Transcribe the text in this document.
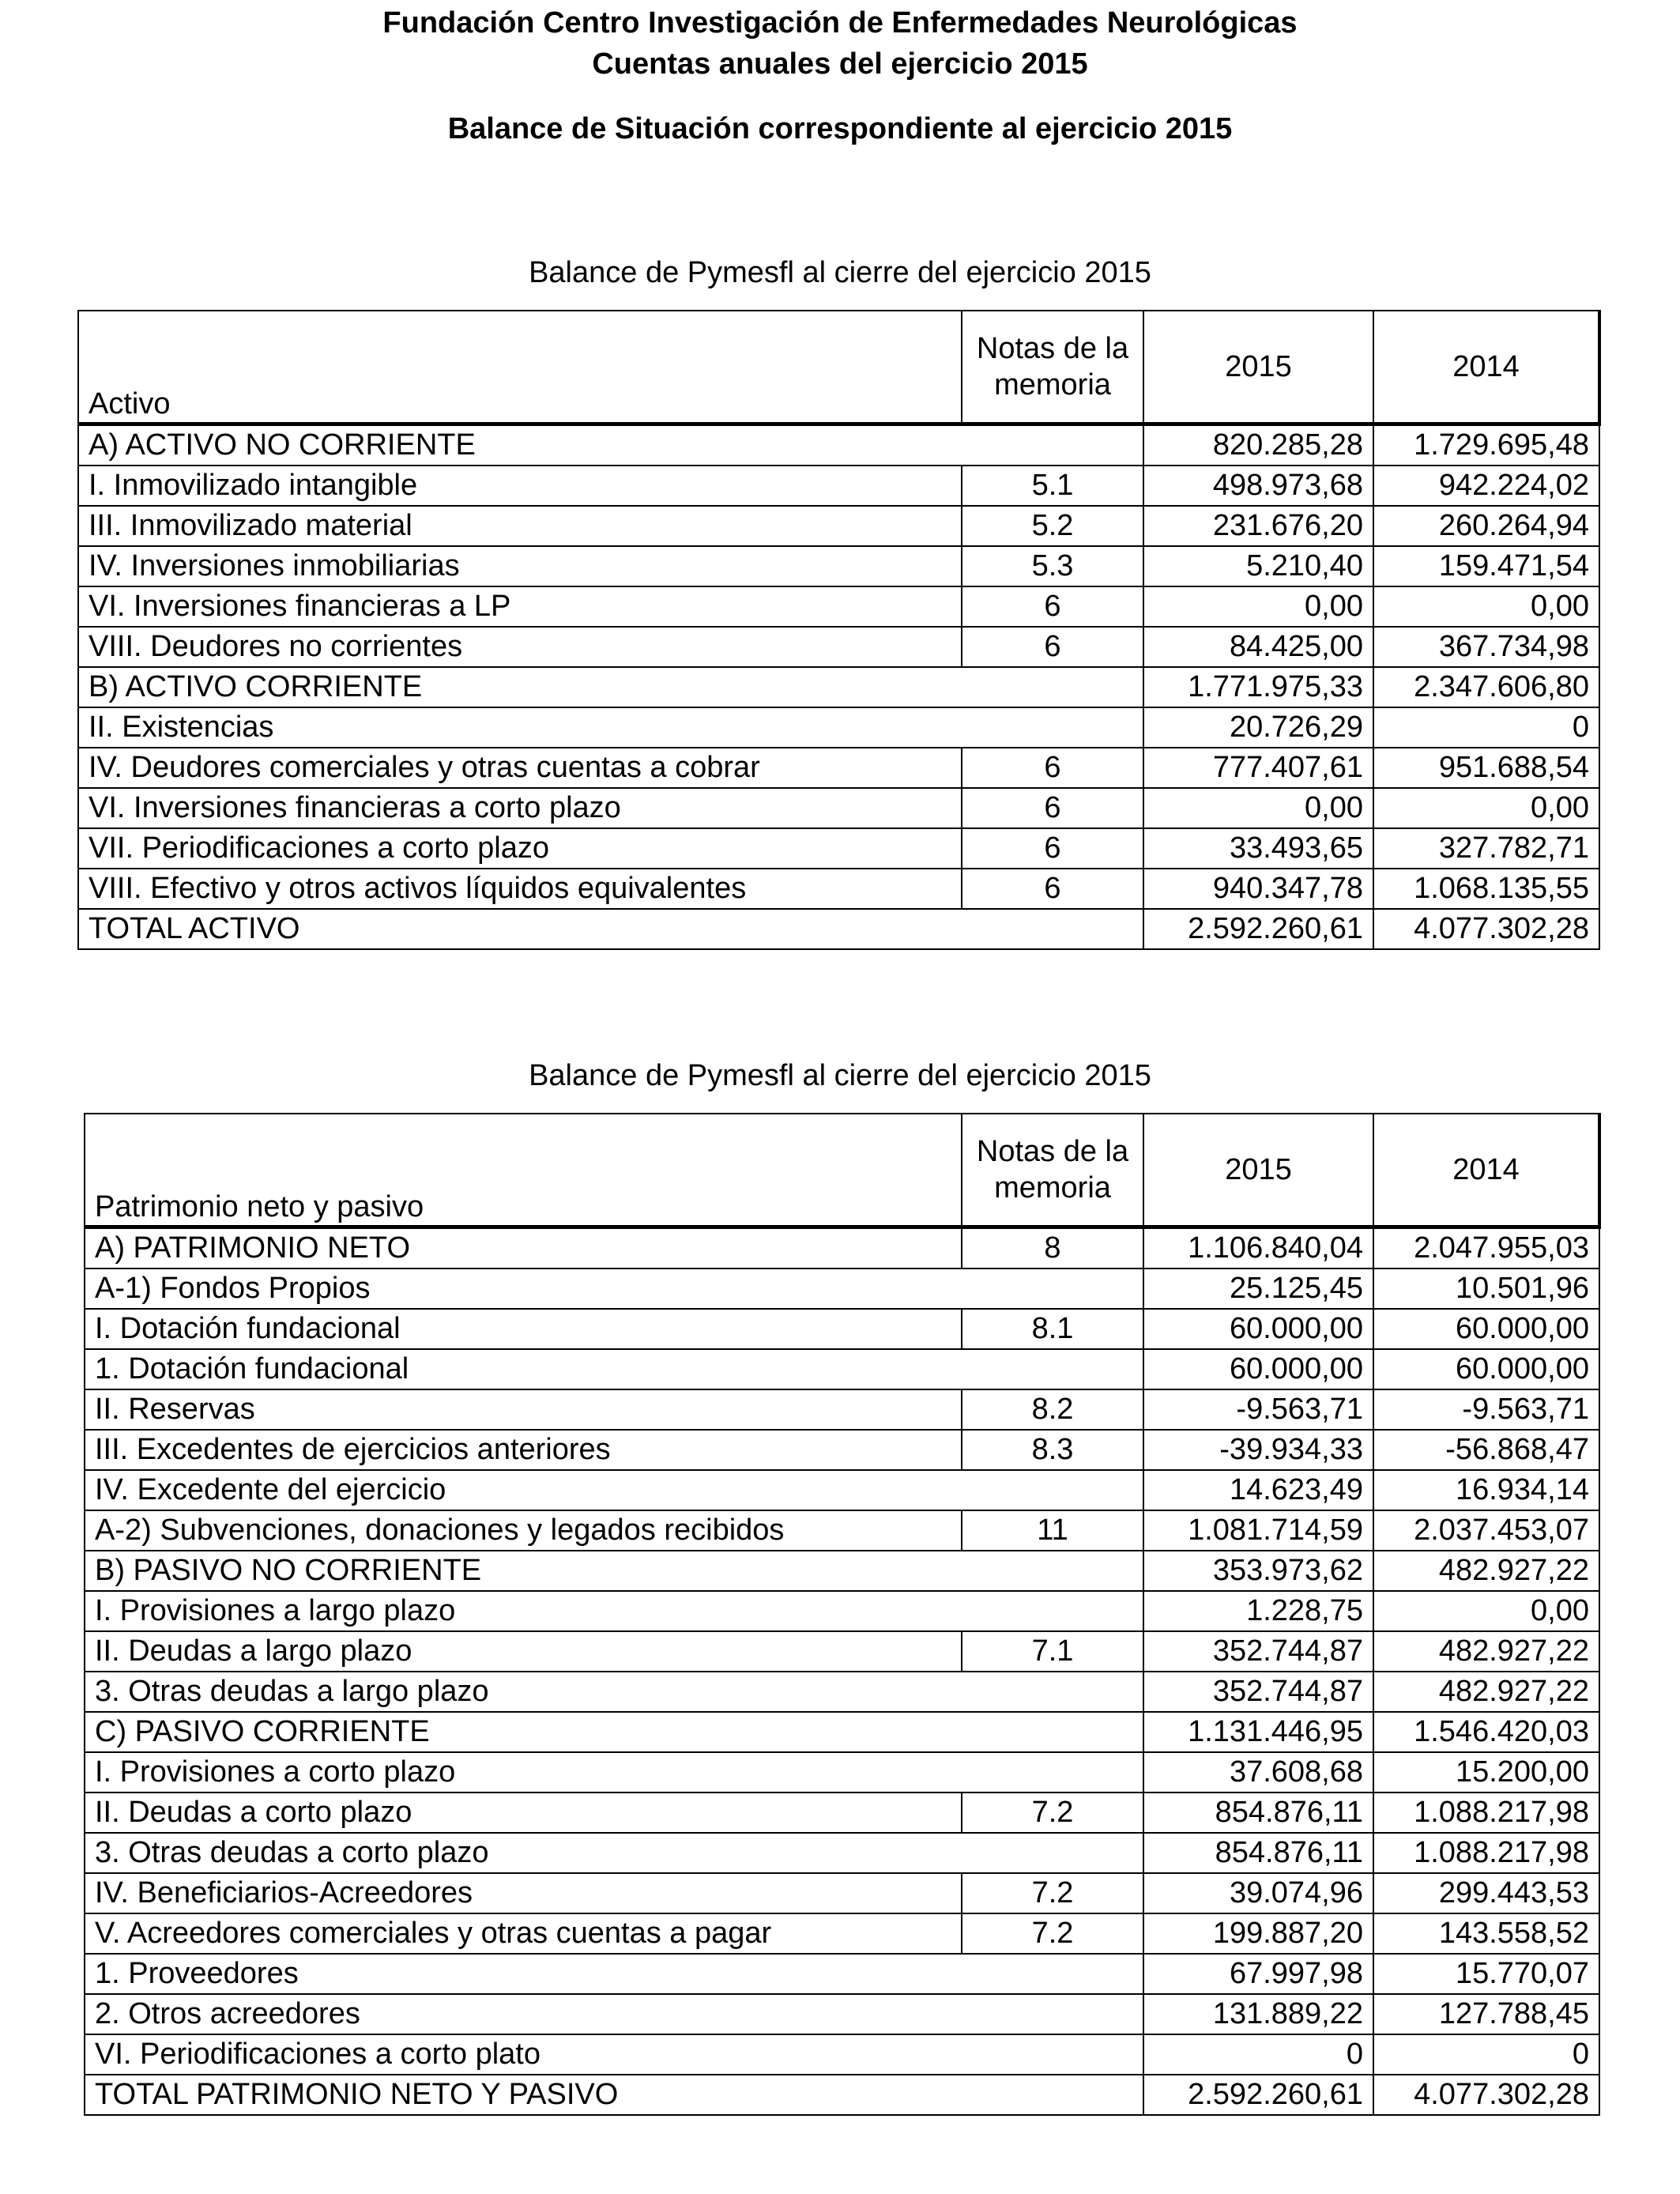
Fundación Centro Investigación de Enfermedades Neurológicas
Cuentas anuales del ejercicio 2015
Balance de Situación correspondiente al ejercicio 2015
Balance de Pymesfl al cierre del ejercicio 2015
Activo	Notas de la memoria	2015	2014
A) ACTIVO NO CORRIENTE		820.285,28	1.729.695,48
I. Inmovilizado intangible	5.1	498.973,68	942.224,02
III. Inmovilizado material	5.2	231.676,20	260.264,94
IV. Inversiones inmobiliarias	5.3	5.210,40	159.471,54
VI. Inversiones financieras a LP	6	0,00	0,00
VIII. Deudores no corrientes	6	84.425,00	367.734,98
B) ACTIVO CORRIENTE		1.771.975,33	2.347.606,80
II. Existencias		20.726,29	0
IV. Deudores comerciales y otras cuentas a cobrar	6	777.407,61	951.688,54
VI. Inversiones financieras a corto plazo	6	0,00	0,00
VII. Periodificaciones a corto plazo	6	33.493,65	327.782,71
VIII. Efectivo y otros activos líquidos equivalentes	6	940.347,78	1.068.135,55
TOTAL ACTIVO		2.592.260,61	4.077.302,28
Balance de Pymesfl al cierre del ejercicio 2015
Patrimonio neto y pasivo	Notas de la memoria	2015	2014
A) PATRIMONIO NETO	8	1.106.840,04	2.047.955,03
A-1) Fondos Propios		25.125,45	10.501,96
I. Dotación fundacional	8.1	60.000,00	60.000,00
1. Dotación fundacional		60.000,00	60.000,00
II. Reservas	8.2	-9.563,71	-9.563,71
III. Excedentes de ejercicios anteriores	8.3	-39.934,33	-56.868,47
IV. Excedente del ejercicio		14.623,49	16.934,14
A-2) Subvenciones, donaciones y legados recibidos	11	1.081.714,59	2.037.453,07
B) PASIVO NO CORRIENTE		353.973,62	482.927,22
I. Provisiones a largo plazo		1.228,75	0,00
II. Deudas a largo plazo	7.1	352.744,87	482.927,22
3. Otras deudas a largo plazo		352.744,87	482.927,22
C) PASIVO CORRIENTE		1.131.446,95	1.546.420,03
I. Provisiones a corto plazo		37.608,68	15.200,00
II. Deudas a corto plazo	7.2	854.876,11	1.088.217,98
3. Otras deudas a corto plazo		854.876,11	1.088.217,98
IV. Beneficiarios-Acreedores	7.2	39.074,96	299.443,53
V. Acreedores comerciales y otras cuentas a pagar	7.2	199.887,20	143.558,52
1. Proveedores		67.997,98	15.770,07
2. Otros acreedores		131.889,22	127.788,45
VI. Periodificaciones a corto plato		0	0
TOTAL PATRIMONIO NETO Y PASIVO		2.592.260,61	4.077.302,28
